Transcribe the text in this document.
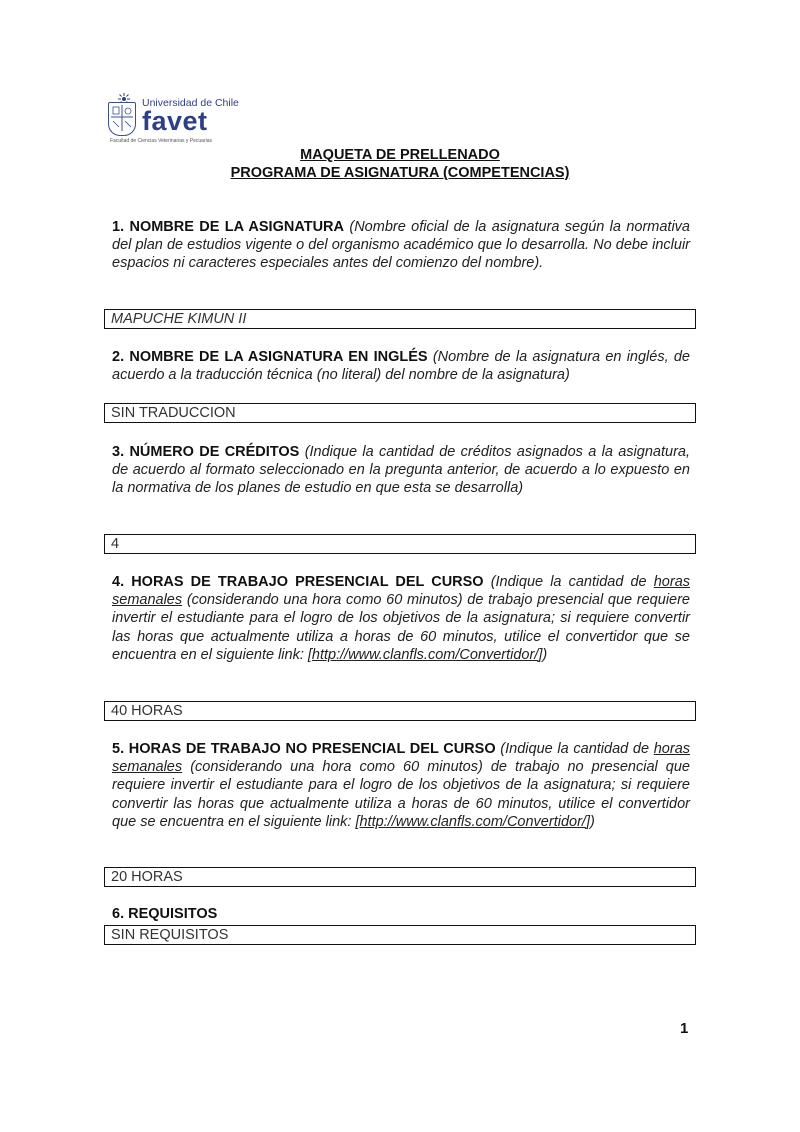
Universidad de Chile
favet
Facultad de Ciencias Veterinarias y Pecuarias
MAQUETA DE PRELLENADO
PROGRAMA DE ASIGNATURA (COMPETENCIAS)
1. NOMBRE DE LA ASIGNATURA (Nombre oficial de la asignatura según la normativa del plan de estudios vigente o del organismo académico que lo desarrolla. No debe incluir espacios ni caracteres especiales antes del comienzo del nombre).
MAPUCHE KIMUN II
2. NOMBRE DE LA ASIGNATURA EN INGLÉS (Nombre de la asignatura en inglés, de acuerdo a la traducción técnica (no literal) del nombre de la asignatura)
SIN TRADUCCION
3. NÚMERO DE CRÉDITOS (Indique la cantidad de créditos asignados a la asignatura, de acuerdo al formato seleccionado en la pregunta anterior, de acuerdo a lo expuesto en la normativa de los planes de estudio en que esta se desarrolla)
4
4. HORAS DE TRABAJO PRESENCIAL DEL CURSO (Indique la cantidad de horas semanales (considerando una hora como 60 minutos) de trabajo presencial que requiere invertir el estudiante para el logro de los objetivos de la asignatura; si requiere convertir las horas que actualmente utiliza a horas de 60 minutos, utilice el convertidor que se encuentra en el siguiente link: [http://www.clanfls.com/Convertidor/])
40 HORAS
5. HORAS DE TRABAJO NO PRESENCIAL DEL CURSO (Indique la cantidad de horas semanales (considerando una hora como 60 minutos) de trabajo no presencial que requiere invertir el estudiante para el logro de los objetivos de la asignatura; si requiere convertir las horas que actualmente utiliza a horas de 60 minutos, utilice el convertidor que se encuentra en el siguiente link: [http://www.clanfls.com/Convertidor/])
20 HORAS
6. REQUISITOS
SIN REQUISITOS
1
